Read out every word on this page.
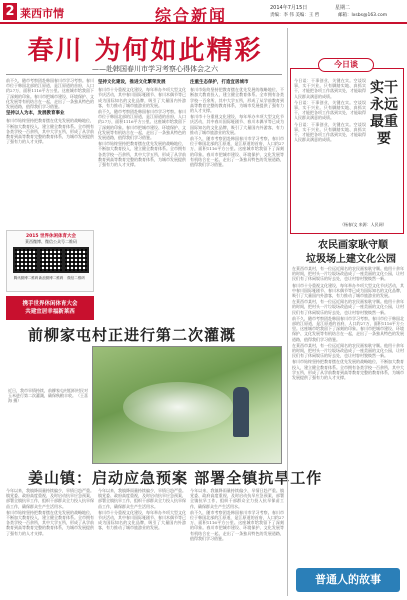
2 莱西市情	综合新闻	2014年7月15日	星期二
责编：李 伟 美编：王 哲	邮箱：lxsbs@163.com
春川 为何如此精彩
——赴韩国春川市学习考察心得体会之六

前不久，随市考察团赴韩国春川市学习考察。春川市位于韩国北部的江原道，是江原道的首府，人口约27万，面积1116平方公里。这座城市给我留下了深刻的印象。春川市把城市建设、环境保护、文化发展等有机结合在一起，走出了一条独具特色的发展道路，值得我们学习借鉴。

坚持以人为本，发展教育事业

春川市始终坚持把教育摆在优先发展的战略地位，不断加大教育投入，建立健全教育体系。全市拥有各类学校一百余所，其中大学五所，形成了从学前教育到高等教育完整的教育体系，为城市发展提供了强有力的人才支撑。

坚持文化建设，推进文化繁荣发展

春川市十分重视文化建设，每年举办多项大型文化节庆活动，其中春川国际哑剧节、春川木偶节等已成为国际知名的文化品牌，吸引了大量国内外游客，有力推动了城市旅游业的发展。

前不久，随市考察团赴韩国春川市学习考察。春川市位于韩国北部的江原道，是江原道的首府，人口约27万，面积1116平方公里。这座城市给我留下了深刻的印象。春川市把城市建设、环境保护、文化发展等有机结合在一起，走出了一条独具特色的发展道路，值得我们学习借鉴。

春川市始终坚持把教育摆在优先发展的战略地位，不断加大教育投入，建立健全教育体系。全市拥有各类学校一百余所，其中大学五所，形成了从学前教育到高等教育完整的教育体系，为城市发展提供了强有力的人才支撑。

注重生态保护，打造宜居城市

春川市始终坚持把教育摆在优先发展的战略地位，不断加大教育投入，建立健全教育体系。全市拥有各类学校一百余所，其中大学五所，形成了从学前教育到高等教育完整的教育体系，为城市发展提供了强有力的人才支撑。

春川市十分重视文化建设，每年举办多项大型文化节庆活动，其中春川国际哑剧节、春川木偶节等已成为国际知名的文化品牌，吸引了大量国内外游客，有力推动了城市旅游业的发展。

前不久，随市考察团赴韩国春川市学习考察。春川市位于韩国北部的江原道，是江原道的首府，人口约27万，面积1116平方公里。这座城市给我留下了深刻的印象。春川市把城市建设、环境保护、文化发展等有机结合在一起，走出了一条独具特色的发展道路，值得我们学习借鉴。

2015 世界休闲体育大会
莱西微博、微信公众号二维码
腾讯微博二维码 新浪微博二维码	微信二维码
携手世界休闲体育大会
共建宜居幸福新莱西
前柳家屯村正进行第二次灌溉
近日，我市旱情持续，前柳家屯村组织村民对玉米进行第二次灌溉，确保秋粮丰收。（王喜海 摄）
姜山镇：启动应急预案 部署全镇抗旱工作

今年以来，我镇降雨量持续偏少，旱情日趋严重。镇党委、政府高度重视，及时启动抗旱应急预案，部署全镇抗旱工作，组织干部群众全力投入抗旱保苗工作，确保群众生产生活用水。

春川市始终坚持把教育摆在优先发展的战略地位，不断加大教育投入，建立健全教育体系。全市拥有各类学校一百余所，其中大学五所，形成了从学前教育到高等教育完整的教育体系，为城市发展提供了强有力的人才支撑。

今年以来，我镇降雨量持续偏少，旱情日趋严重。镇党委、政府高度重视，及时启动抗旱应急预案，部署全镇抗旱工作，组织干部群众全力投入抗旱保苗工作，确保群众生产生活用水。

春川市十分重视文化建设，每年举办多项大型文化节庆活动，其中春川国际哑剧节、春川木偶节等已成为国际知名的文化品牌，吸引了大量国内外游客，有力推动了城市旅游业的发展。

今年以来，我镇降雨量持续偏少，旱情日趋严重。镇党委、政府高度重视，及时启动抗旱应急预案，部署全镇抗旱工作，组织干部群众全力投入抗旱保苗工作，确保群众生产生活用水。

前不久，随市考察团赴韩国春川市学习考察。春川市位于韩国北部的江原道，是江原道的首府，人口约27万，面积1116平方公里。这座城市给我留下了深刻的印象。春川市把城市建设、环境保护、文化发展等有机结合在一起，走出了一条独具特色的发展道路，值得我们学习借鉴。

今日谈
实干永远最重要

今日谈：干事创业，关键在实。空谈误事，实干兴业。只有脚踏实地、真抓实干，才能把各项工作落到实处，才能取得人民群众满意的成绩。

今日谈：干事创业，关键在实。空谈误事，实干兴业。只有脚踏实地、真抓实干，才能把各项工作落到实处，才能取得人民群众满意的成绩。

今日谈：干事创业，关键在实。空谈误事，实干兴业。只有脚踏实地、真抓实干，才能把各项工作落到实处，才能取得人民群众满意的成绩。

（杨春/文 来源：人民网）
农民画家耿守顺
垃圾场上建文化公园

在莱西市某村，有一位远近闻名的农民画家耿守顺。他用十余年的时间，把村头一片垃圾场改造成了一座美丽的文化公园，让村民们有了休闲娱乐的好去处，也让村容村貌焕然一新。

春川市十分重视文化建设，每年举办多项大型文化节庆活动，其中春川国际哑剧节、春川木偶节等已成为国际知名的文化品牌，吸引了大量国内外游客，有力推动了城市旅游业的发展。

在莱西市某村，有一位远近闻名的农民画家耿守顺。他用十余年的时间，把村头一片垃圾场改造成了一座美丽的文化公园，让村民们有了休闲娱乐的好去处，也让村容村貌焕然一新。

前不久，随市考察团赴韩国春川市学习考察。春川市位于韩国北部的江原道，是江原道的首府，人口约27万，面积1116平方公里。这座城市给我留下了深刻的印象。春川市把城市建设、环境保护、文化发展等有机结合在一起，走出了一条独具特色的发展道路，值得我们学习借鉴。

在莱西市某村，有一位远近闻名的农民画家耿守顺。他用十余年的时间，把村头一片垃圾场改造成了一座美丽的文化公园，让村民们有了休闲娱乐的好去处，也让村容村貌焕然一新。

春川市始终坚持把教育摆在优先发展的战略地位，不断加大教育投入，建立健全教育体系。全市拥有各类学校一百余所，其中大学五所，形成了从学前教育到高等教育完整的教育体系，为城市发展提供了强有力的人才支撑。

普通人的故事
